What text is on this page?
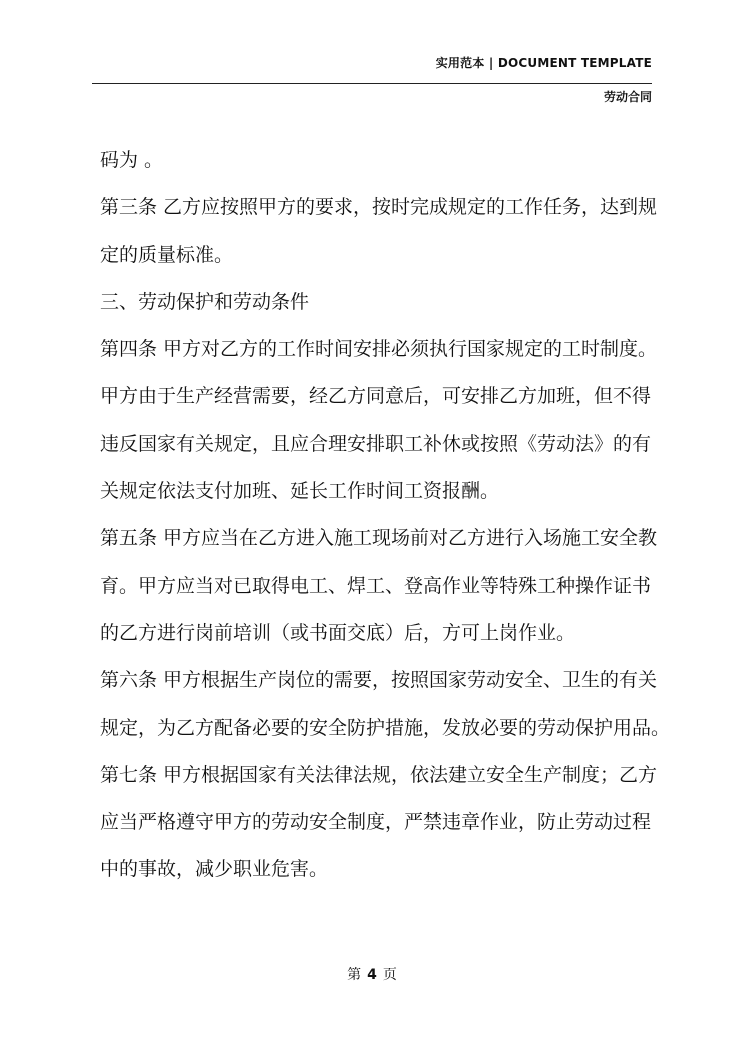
实用范本 | DOCUMENT TEMPLATE
劳动合同
码为 。
第三条 乙方应按照甲方的要求，按时完成规定的工作任务，达到规
定的质量标准。
三、劳动保护和劳动条件
第四条 甲方对乙方的工作时间安排必须执行国家规定的工时制度。
甲方由于生产经营需要，经乙方同意后，可安排乙方加班，但不得
违反国家有关规定，且应合理安排职工补休或按照《劳动法》的有
关规定依法支付加班、延长工作时间工资报酬。
第五条 甲方应当在乙方进入施工现场前对乙方进行入场施工安全教
育。甲方应当对已取得电工、焊工、登高作业等特殊工种操作证书
的乙方进行岗前培训（或书面交底）后，方可上岗作业。
第六条 甲方根据生产岗位的需要，按照国家劳动安全、卫生的有关
规定，为乙方配备必要的安全防护措施，发放必要的劳动保护用品。
第七条 甲方根据国家有关法律法规，依法建立安全生产制度；乙方
应当严格遵守甲方的劳动安全制度，严禁违章作业，防止劳动过程
中的事故，减少职业危害。
第 4 页
